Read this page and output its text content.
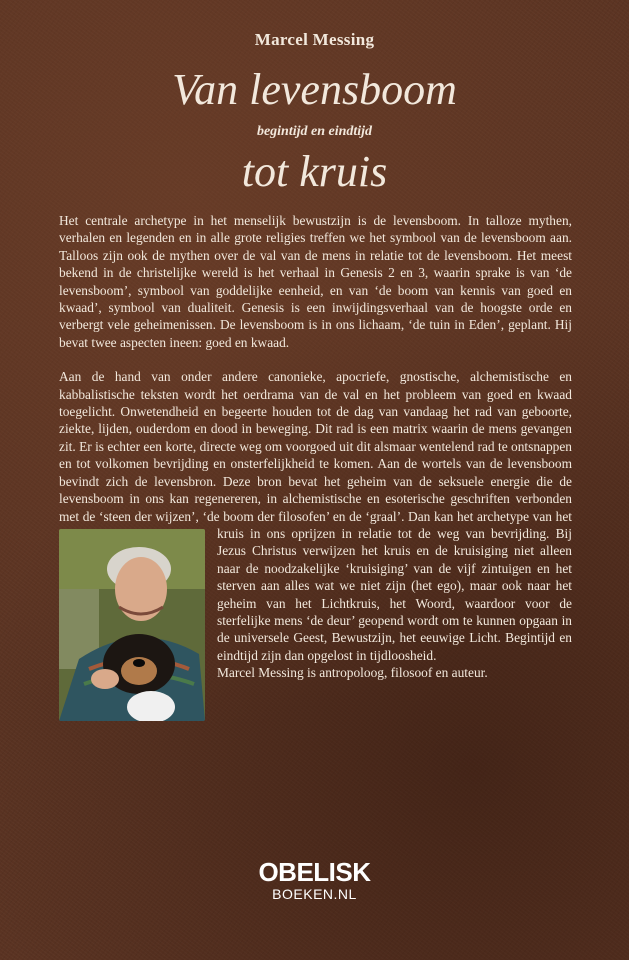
Marcel Messing
Van levensboom
begintijd en eindtijd
tot kruis

Het centrale archetype in het menselijk bewustzijn is de levensboom. In talloze mythen, verhalen en legenden en in alle grote religies treffen we het symbool van de levensboom aan. Talloos zijn ook de mythen over de val van de mens in relatie tot de levensboom. Het meest bekend in de christelijke wereld is het verhaal in Genesis 2 en 3, waarin sprake is van ‘de levensboom’, symbool van goddelijke eenheid, en van ‘de boom van kennis van goed en kwaad’, symbool van dualiteit. Genesis is een inwijdingsverhaal van de hoogste orde en verbergt vele geheimenissen. De levensboom is in ons lichaam, ‘de tuin in Eden’, geplant. Hij bevat twee aspecten ineen: goed en kwaad.

Aan de hand van onder andere canonieke, apocriefe, gnostische, alchemistische en kabbalistische teksten wordt het oerdrama van de val en het probleem van goed en kwaad toegelicht. Onwetendheid en begeerte houden tot de dag van vandaag het rad van geboorte, ziekte, lijden, ouderdom en dood in beweging. Dit rad is een matrix waarin de mens gevangen zit. Er is echter een korte, directe weg om voorgoed uit dit alsmaar wentelend rad te ontsnappen en tot volkomen bevrijding en onsterfelijkheid te komen. Aan de wortels van de levensboom bevindt zich de levensbron. Deze bron bevat het geheim van de seksuele energie die de levensboom in ons kan regenereren, in alchemistische en esoterische geschriften verbonden met de ‘steen der wijzen’, ‘de boom der filosofen’ en de ‘graal’. Dan kan het archetype van het kruis in ons oprijzen in relatie tot de weg van bevrijding. Bij Jezus Christus verwijzen het kruis en de kruisiging niet alleen naar de noodzakelijke ‘kruisiging’ van de vijf zintuigen en het sterven aan alles wat we niet zijn (het ego), maar ook naar het geheim van het Lichtkruis, het Woord, waardoor voor de sterfelijke mens ‘de deur’ geopend wordt om te kunnen opgaan in de universele Geest, Bewustzijn, het eeuwige Licht. Begintijd en eindtijd zijn dan opgelost in tijdloosheid.

Marcel Messing is antropoloog, filosoof en auteur.

OBELISK
BOEKEN.NL
